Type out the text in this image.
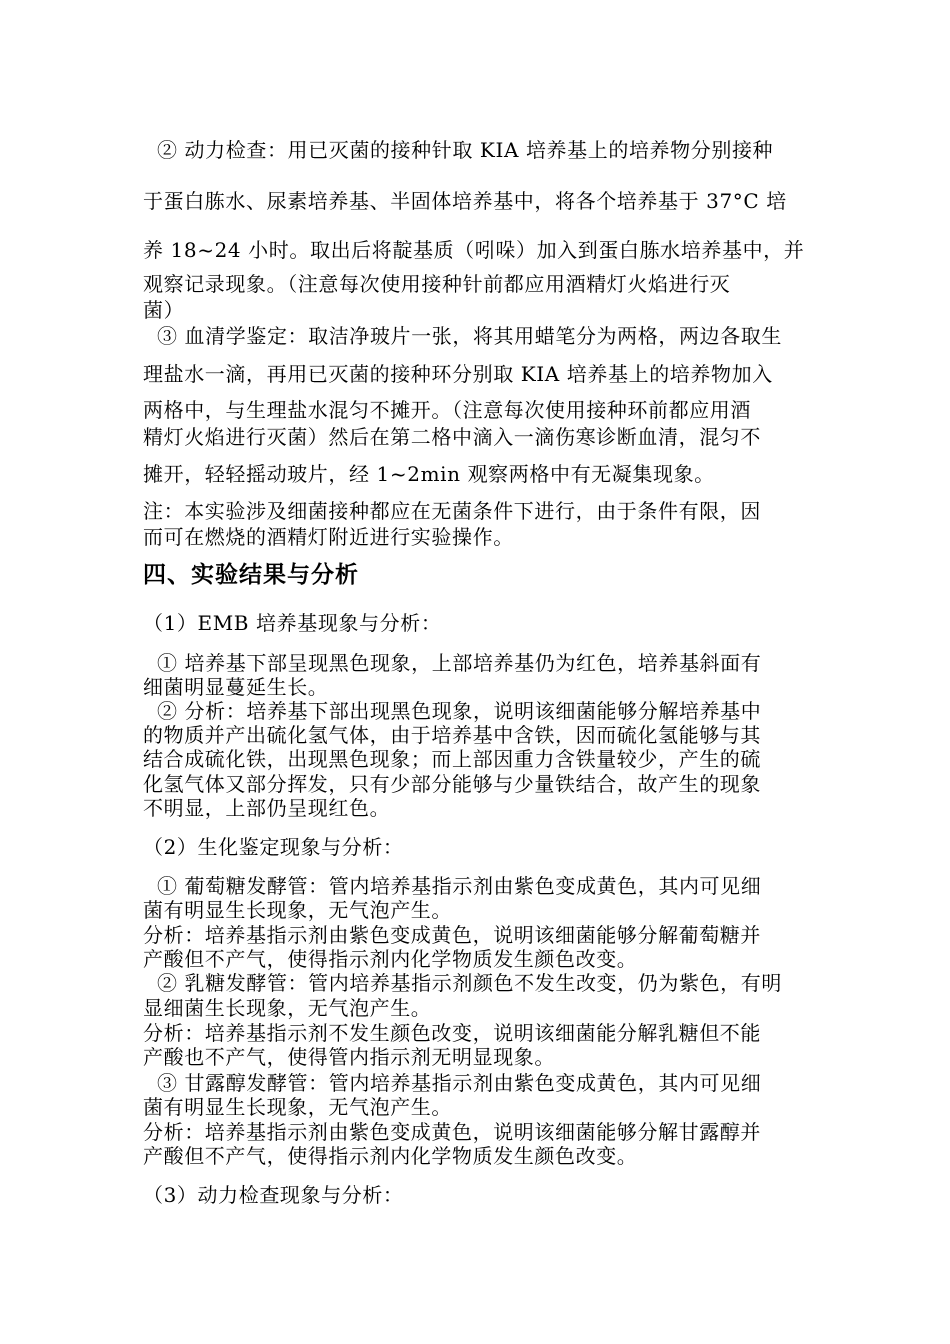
② 动力检查：用已灭菌的接种针取 KIA 培养基上的培养物分别接种
于蛋白胨水、尿素培养基、半固体培养基中，将各个培养基于 37°C 培
养 18~24 小时。取出后将靛基质（吲哚）加入到蛋白胨水培养基中，并
观察记录现象。（注意每次使用接种针前都应用酒精灯火焰进行灭
菌）
③ 血清学鉴定：取洁净玻片一张，将其用蜡笔分为两格，两边各取生
理盐水一滴，再用已灭菌的接种环分别取 KIA 培养基上的培养物加入
两格中，与生理盐水混匀不摊开。（注意每次使用接种环前都应用酒
精灯火焰进行灭菌）然后在第二格中滴入一滴伤寒诊断血清，混匀不
摊开，轻轻摇动玻片，经 1~2min 观察两格中有无凝集现象。
注：本实验涉及细菌接种都应在无菌条件下进行，由于条件有限，因
而可在燃烧的酒精灯附近进行实验操作。
四、实验结果与分析
（1）EMB 培养基现象与分析：
① 培养基下部呈现黑色现象，上部培养基仍为红色，培养基斜面有
细菌明显蔓延生长。
② 分析：培养基下部出现黑色现象，说明该细菌能够分解培养基中
的物质并产出硫化氢气体，由于培养基中含铁，因而硫化氢能够与其
结合成硫化铁，出现黑色现象；而上部因重力含铁量较少，产生的硫
化氢气体又部分挥发，只有少部分能够与少量铁结合，故产生的现象
不明显，上部仍呈现红色。
（2）生化鉴定现象与分析：
① 葡萄糖发酵管：管内培养基指示剂由紫色变成黄色，其内可见细
菌有明显生长现象，无气泡产生。
分析：培养基指示剂由紫色变成黄色，说明该细菌能够分解葡萄糖并
产酸但不产气，使得指示剂内化学物质发生颜色改变。
② 乳糖发酵管：管内培养基指示剂颜色不发生改变，仍为紫色，有明
显细菌生长现象，无气泡产生。
分析：培养基指示剂不发生颜色改变，说明该细菌能分解乳糖但不能
产酸也不产气，使得管内指示剂无明显现象。
③ 甘露醇发酵管：管内培养基指示剂由紫色变成黄色，其内可见细
菌有明显生长现象，无气泡产生。
分析：培养基指示剂由紫色变成黄色，说明该细菌能够分解甘露醇并
产酸但不产气，使得指示剂内化学物质发生颜色改变。
（3）动力检查现象与分析：
